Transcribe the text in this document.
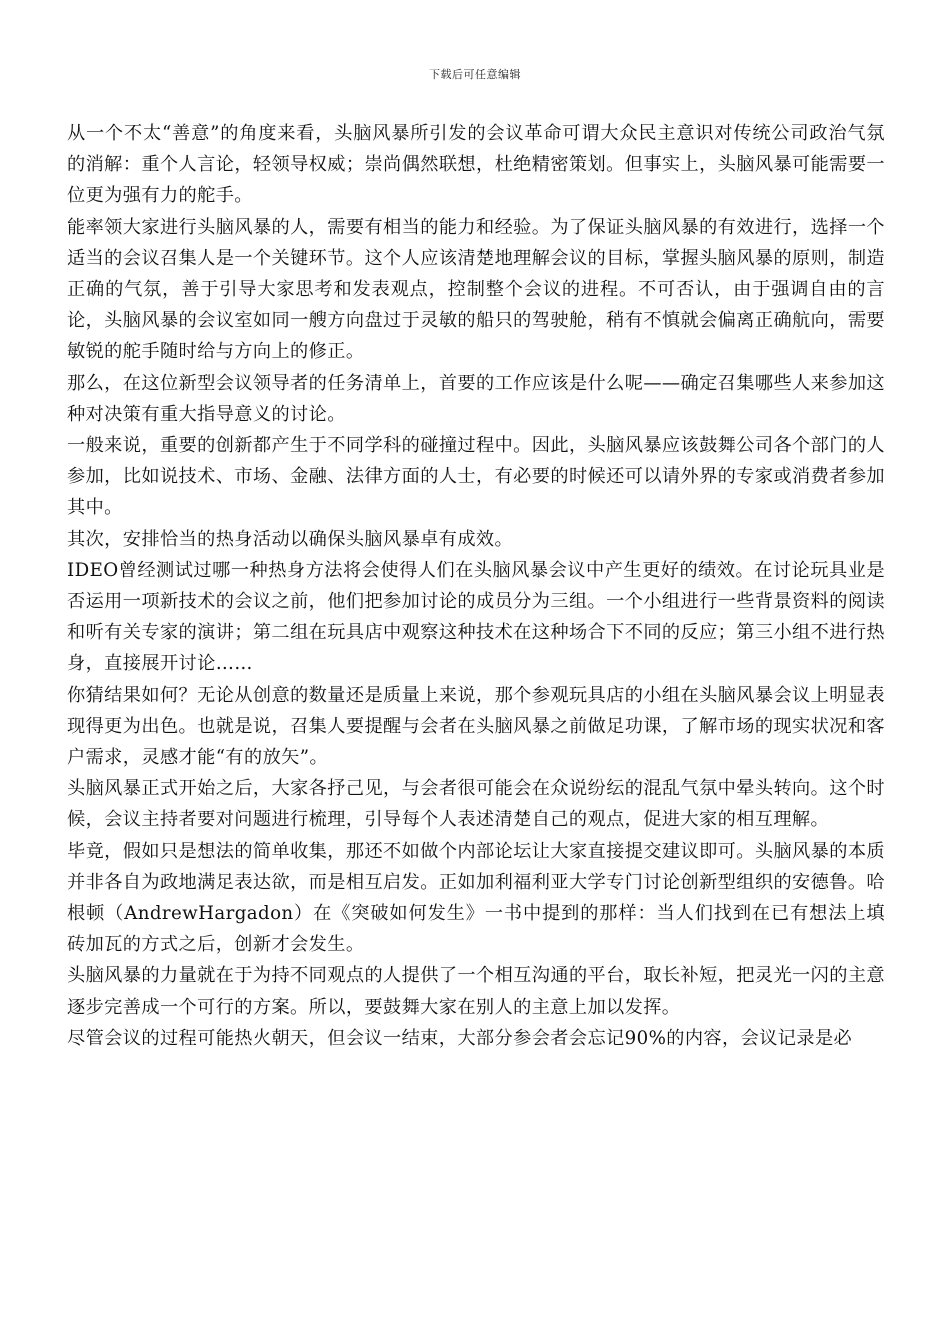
下载后可任意编辑

从一个不太“善意”的角度来看，头脑风暴所引发的会议革命可谓大众民主意识对传统公司政治气氛的消解：重个人言论，轻领导权威；崇尚偶然联想，杜绝精密策划。但事实上，头脑风暴可能需要一位更为强有力的舵手。

能率领大家进行头脑风暴的人，需要有相当的能力和经验。为了保证头脑风暴的有效进行，选择一个适当的会议召集人是一个关键环节。这个人应该清楚地理解会议的目标，掌握头脑风暴的原则，制造正确的气氛，善于引导大家思考和发表观点，控制整个会议的进程。不可否认，由于强调自由的言论，头脑风暴的会议室如同一艘方向盘过于灵敏的船只的驾驶舱，稍有不慎就会偏离正确航向，需要敏锐的舵手随时给与方向上的修正。

那么，在这位新型会议领导者的任务清单上，首要的工作应该是什么呢——确定召集哪些人来参加这种对决策有重大指导意义的讨论。

一般来说，重要的创新都产生于不同学科的碰撞过程中。因此，头脑风暴应该鼓舞公司各个部门的人参加，比如说技术、市场、金融、法律方面的人士，有必要的时候还可以请外界的专家或消费者参加其中。

其次，安排恰当的热身活动以确保头脑风暴卓有成效。

IDEO曾经测试过哪一种热身方法将会使得人们在头脑风暴会议中产生更好的绩效。在讨论玩具业是否运用一项新技术的会议之前，他们把参加讨论的成员分为三组。一个小组进行一些背景资料的阅读和听有关专家的演讲；第二组在玩具店中观察这种技术在这种场合下不同的反应；第三小组不进行热身，直接展开讨论……

你猜结果如何？无论从创意的数量还是质量上来说，那个参观玩具店的小组在头脑风暴会议上明显表现得更为出色。也就是说，召集人要提醒与会者在头脑风暴之前做足功课，了解市场的现实状况和客户需求，灵感才能“有的放矢”。

头脑风暴正式开始之后，大家各抒己见，与会者很可能会在众说纷纭的混乱气氛中晕头转向。这个时候，会议主持者要对问题进行梳理，引导每个人表述清楚自己的观点，促进大家的相互理解。

毕竟，假如只是想法的简单收集，那还不如做个内部论坛让大家直接提交建议即可。头脑风暴的本质并非各自为政地满足表达欲，而是相互启发。正如加利福利亚大学专门讨论创新型组织的安德鲁。哈根顿（AndrewHargadon）在《突破如何发生》一书中提到的那样：当人们找到在已有想法上填砖加瓦的方式之后，创新才会发生。

头脑风暴的力量就在于为持不同观点的人提供了一个相互沟通的平台，取长补短，把灵光一闪的主意逐步完善成一个可行的方案。所以，要鼓舞大家在别人的主意上加以发挥。

尽管会议的过程可能热火朝天，但会议一结束，大部分参会者会忘记90%的内容，会议记录是必
